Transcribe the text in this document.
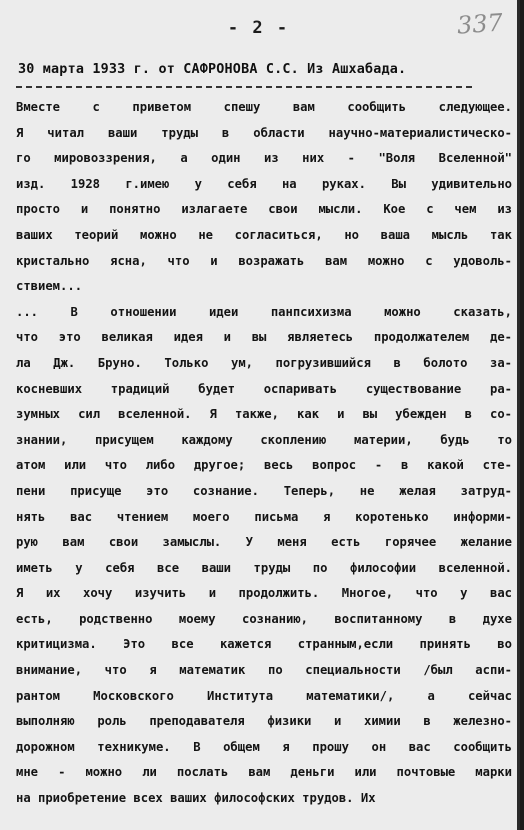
- 2 -	337
30 марта 1933 г. от САФРОНОВА С.С. Из Ашхабада.
Вместе с приветом спешу вам сообщить следующее.
Я читал ваши труды в области научно-материалистическо-
го мировоззрения, а один из них - "Воля Вселенной"
изд. 1928 г.имею у себя на руках. Вы удивительно
просто и понятно излагаете свои мысли. Кое с чем из
ваших теорий можно не согласиться, но ваша мысль так
кристально ясна, что и возражать вам можно с удоволь-
ствием...
... В отношении идеи панпсихизма можно сказать,
что это великая идея и вы являетесь продолжателем де-
ла Дж. Бруно. Только ум, погрузившийся в болото за-
косневших традиций будет оспаривать существование ра-
зумных сил вселенной. Я также, как и вы убежден в со-
знании, присущем каждому скоплению материи, будь то
атом или что либо другое; весь вопрос - в какой сте-
пени присуще это сознание. Теперь, не желая затруд-
нять вас чтением моего письма я коротенько информи-
рую вам свои замыслы. У меня есть горячее желание
иметь у себя все ваши труды по философии вселенной.
Я их хочу изучить и продолжить. Многое, что у вас
есть, родственно моему сознанию, воспитанному в духе
критицизма. Это все кажется странным,если принять во
внимание, что я математик по специальности /был аспи-
рантом Московского Института математики/, а сейчас
выполняю роль преподавателя физики и химии в железно-
дорожном техникуме. В общем я прошу он вас сообщить
мне - можно ли послать вам деньги или почтовые марки
на приобретение всех ваших философских трудов. Их
